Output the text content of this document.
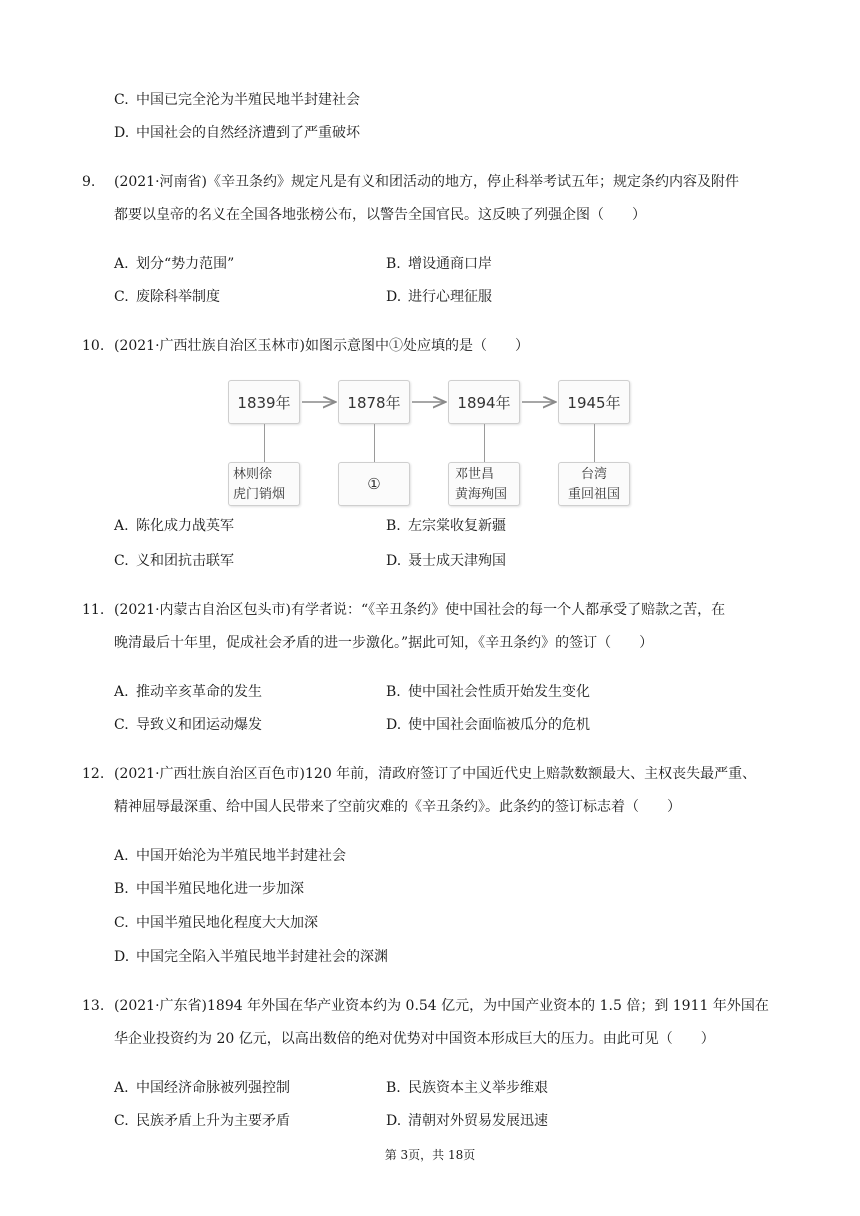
C. 中国已完全沦为半殖民地半封建社会
D. 中国社会的自然经济遭到了严重破坏
9. (2021·河南省)《辛丑条约》规定凡是有义和团活动的地方，停止科举考试五年；规定条约内容及附件
都要以皇帝的名义在全国各地张榜公布，以警告全国官民。这反映了列强企图（　　）
A. 划分“势力范围”	B. 增设通商口岸
C. 废除科举制度	D. 进行心理征服
10. (2021·广西壮族自治区玉林市)如图示意图中①处应填的是（　　）
1839年	1878年	1894年	1945年
林则徐
虎门销烟
①
邓世昌
黄海殉国
台湾
重回祖国
A. 陈化成力战英军	B. 左宗棠收复新疆
C. 义和团抗击联军	D. 聂士成天津殉国
11. (2021·内蒙古自治区包头市)有学者说：“《辛丑条约》使中国社会的每一个人都承受了赔款之苦，在
晚清最后十年里，促成社会矛盾的进一步激化。”据此可知，《辛丑条约》的签订（　　）
A. 推动辛亥革命的发生	B. 使中国社会性质开始发生变化
C. 导致义和团运动爆发	D. 使中国社会面临被瓜分的危机
12. (2021·广西壮族自治区百色市)120 年前，清政府签订了中国近代史上赔款数额最大、主权丧失最严重、
精神屈辱最深重、给中国人民带来了空前灾难的《辛丑条约》。此条约的签订标志着（　　）
A. 中国开始沦为半殖民地半封建社会
B. 中国半殖民地化进一步加深
C. 中国半殖民地化程度大大加深
D. 中国完全陷入半殖民地半封建社会的深渊
13. (2021·广东省)1894 年外国在华产业资本约为 0.54 亿元，为中国产业资本的 1.5 倍；到 1911 年外国在
华企业投资约为 20 亿元，以高出数倍的绝对优势对中国资本形成巨大的压力。由此可见（　　）
A. 中国经济命脉被列强控制	B. 民族资本主义举步维艰
C. 民族矛盾上升为主要矛盾	D. 清朝对外贸易发展迅速
第 3页，共 18页
